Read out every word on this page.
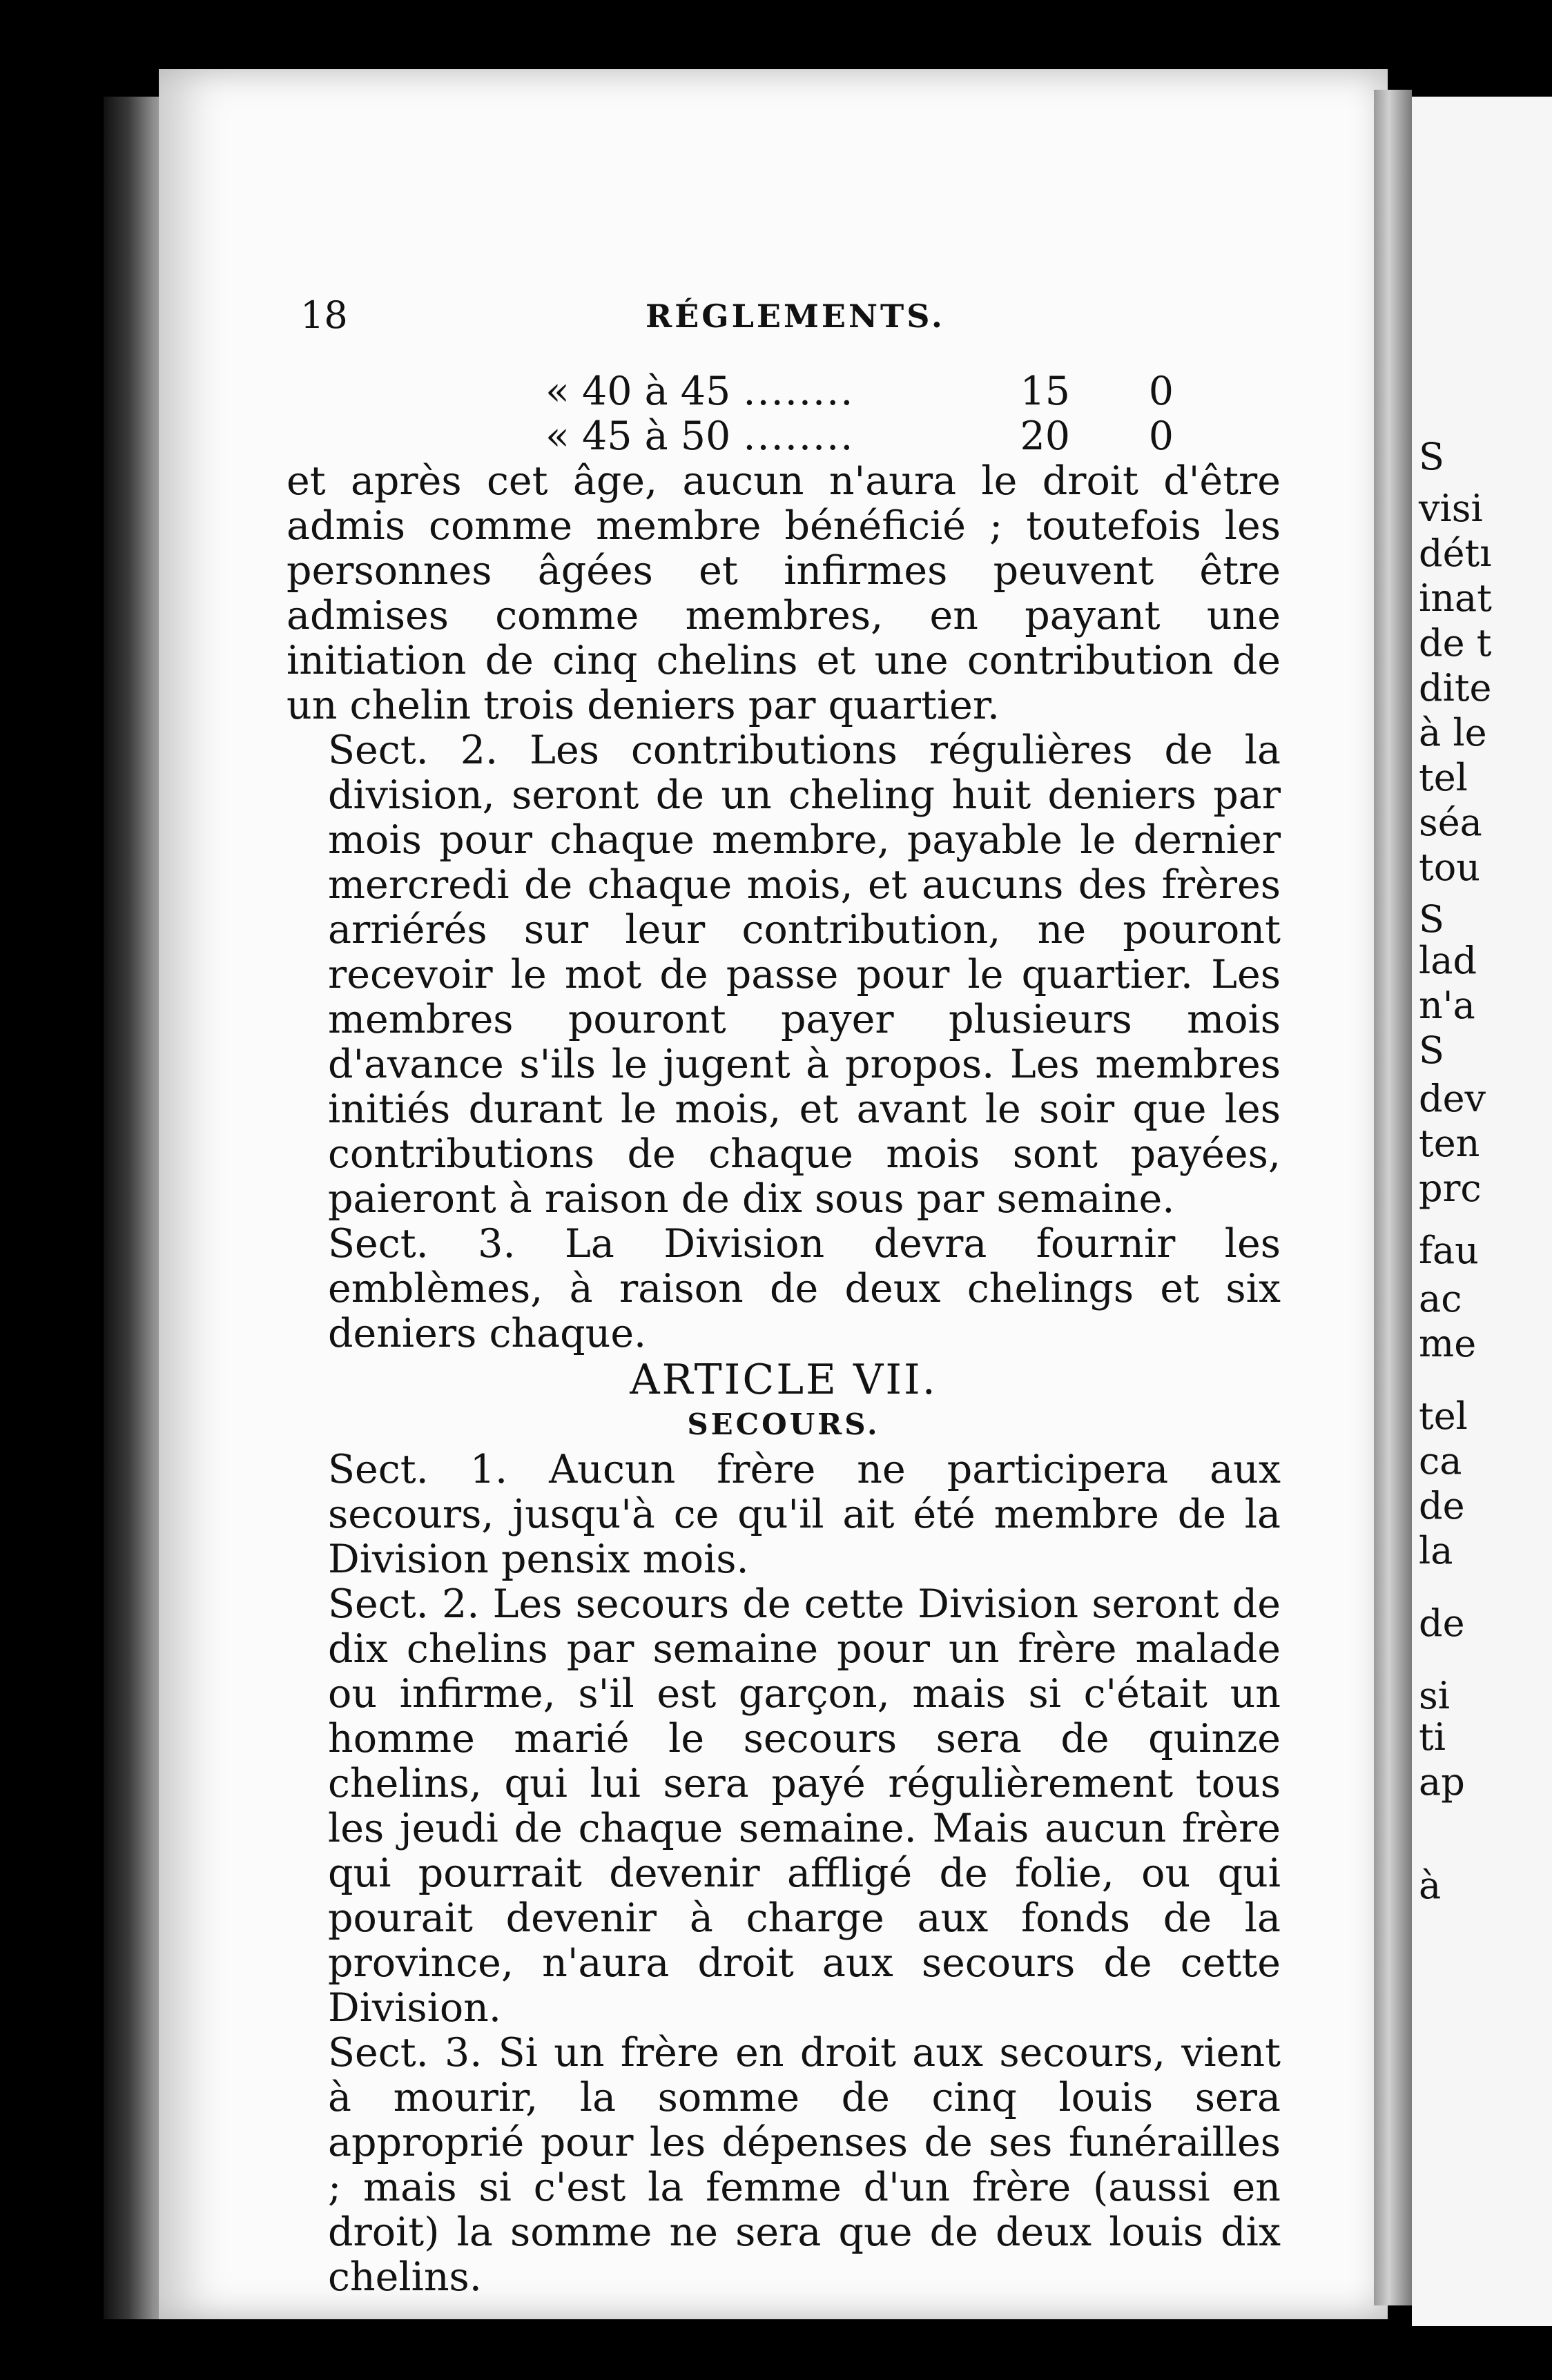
S
visi
détı
inat
de t
dite
à le
tel
séa
tou
S
lad
n'a
S
dev
ten
prc
fau
ac
me
tel
ca
de
la
de
si
ti
ap
à
18	RÉGLEMENTS.
« 40 à 45 ........	15	0
« 45 à 50 ........	20	0

et après cet âge, aucun n'aura le droit d'être admis comme membre bénéficié ; toutefois les personnes âgées et infirmes peuvent être admises comme membres, en payant une initiation de cinq chelins et une contribution de un chelin trois deniers par quartier.

Sect. 2. Les contributions régulières de la division, seront de un cheling huit deniers par mois pour chaque membre, payable le dernier mercredi de chaque mois, et aucuns des frères arriérés sur leur contribution, ne pouront recevoir le mot de passe pour le quartier. Les membres pouront payer plusieurs mois d'avance s'ils le jugent à propos. Les membres initiés durant le mois, et avant le soir que les contributions de chaque mois sont payées, paieront à raison de dix sous par semaine.

Sect. 3. La Division devra fournir les emblèmes, à raison de deux chelings et six deniers chaque.

ARTICLE VII.
SECOURS.

Sect. 1. Aucun frère ne participera aux secours, jusqu'à ce qu'il ait été membre de la Division pensix mois.

Sect. 2. Les secours de cette Division seront de dix chelins par semaine pour un frère malade ou infirme, s'il est garçon, mais si c'était un homme marié le secours sera de quinze chelins, qui lui sera payé régulièrement tous les jeudi de chaque semaine. Mais aucun frère qui pourrait devenir affligé de folie, ou qui pourait devenir à charge aux fonds de la province, n'aura droit aux secours de cette Division.

Sect. 3. Si un frère en droit aux secours, vient à mourir, la somme de cinq louis sera approprié pour les dépenses de ses funérailles ; mais si c'est la femme d'un frère (aussi en droit) la somme ne sera que de deux louis dix chelins.
